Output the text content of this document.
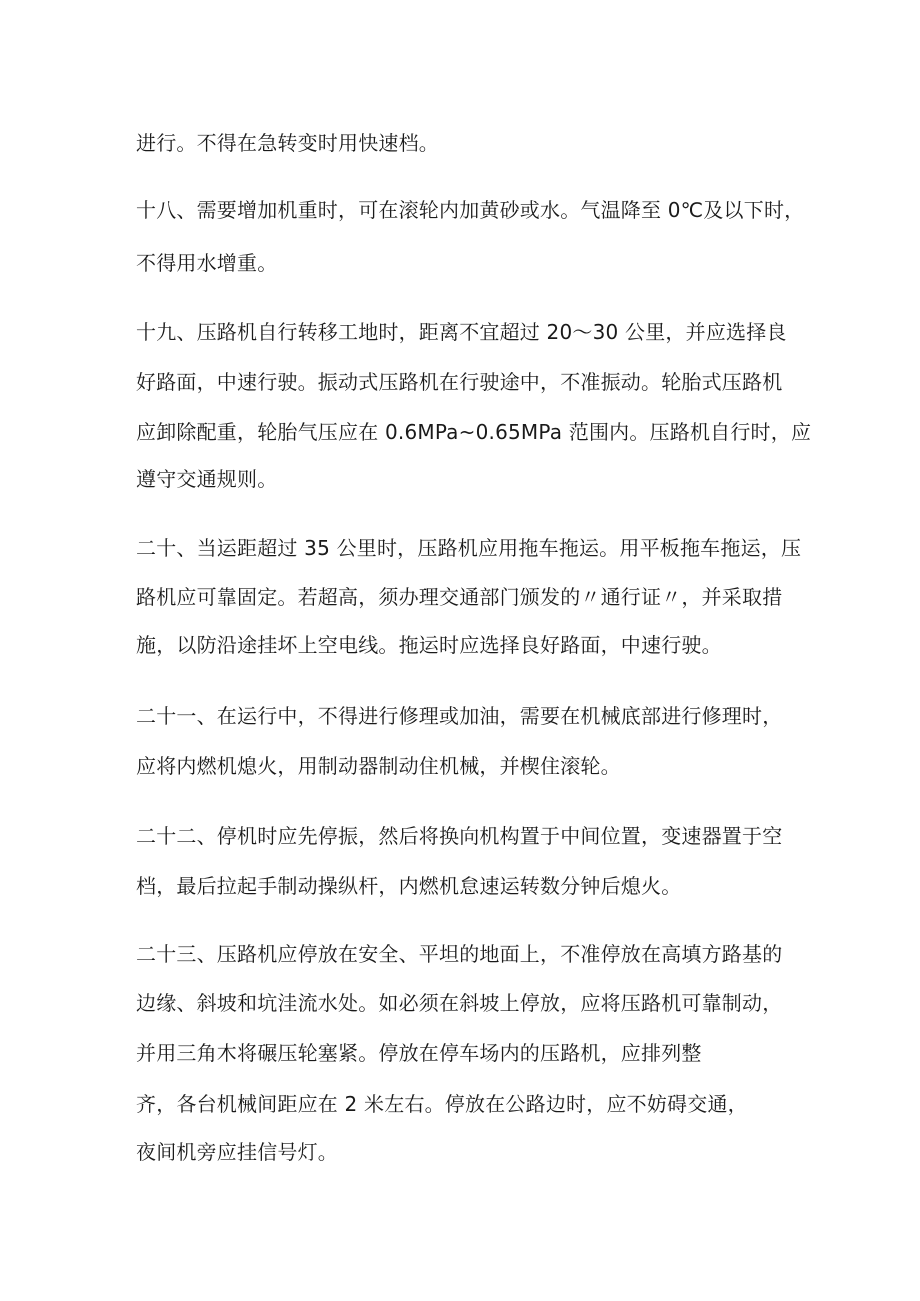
进行。不得在急转变时用快速档。
十八、需要增加机重时，可在滚轮内加黄砂或水。气温降至 0℃及以下时，
不得用水增重。
十九、压路机自行转移工地时，距离不宜超过 20～30 公里，并应选择良
好路面，中速行驶。振动式压路机在行驶途中，不准振动。轮胎式压路机
应卸除配重，轮胎气压应在 0.6MPa~0.65MPa 范围内。压路机自行时，应
遵守交通规则。
二十、当运距超过 35 公里时，压路机应用拖车拖运。用平板拖车拖运，压
路机应可靠固定。若超高，须办理交通部门颁发的〃通行证〃，并采取措
施，以防沿途挂坏上空电线。拖运时应选择良好路面，中速行驶。
二十一、在运行中，不得进行修理或加油，需要在机械底部进行修理时，
应将内燃机熄火，用制动器制动住机械，并楔住滚轮。
二十二、停机时应先停振，然后将换向机构置于中间位置，变速器置于空
档，最后拉起手制动操纵杆，内燃机怠速运转数分钟后熄火。
二十三、压路机应停放在安全、平坦的地面上，不准停放在高填方路基的
边缘、斜坡和坑洼流水处。如必须在斜坡上停放，应将压路机可靠制动，
并用三角木将碾压轮塞紧。停放在停车场内的压路机，应排列整
齐，各台机械间距应在 2 米左右。停放在公路边时，应不妨碍交通，
夜间机旁应挂信号灯。
